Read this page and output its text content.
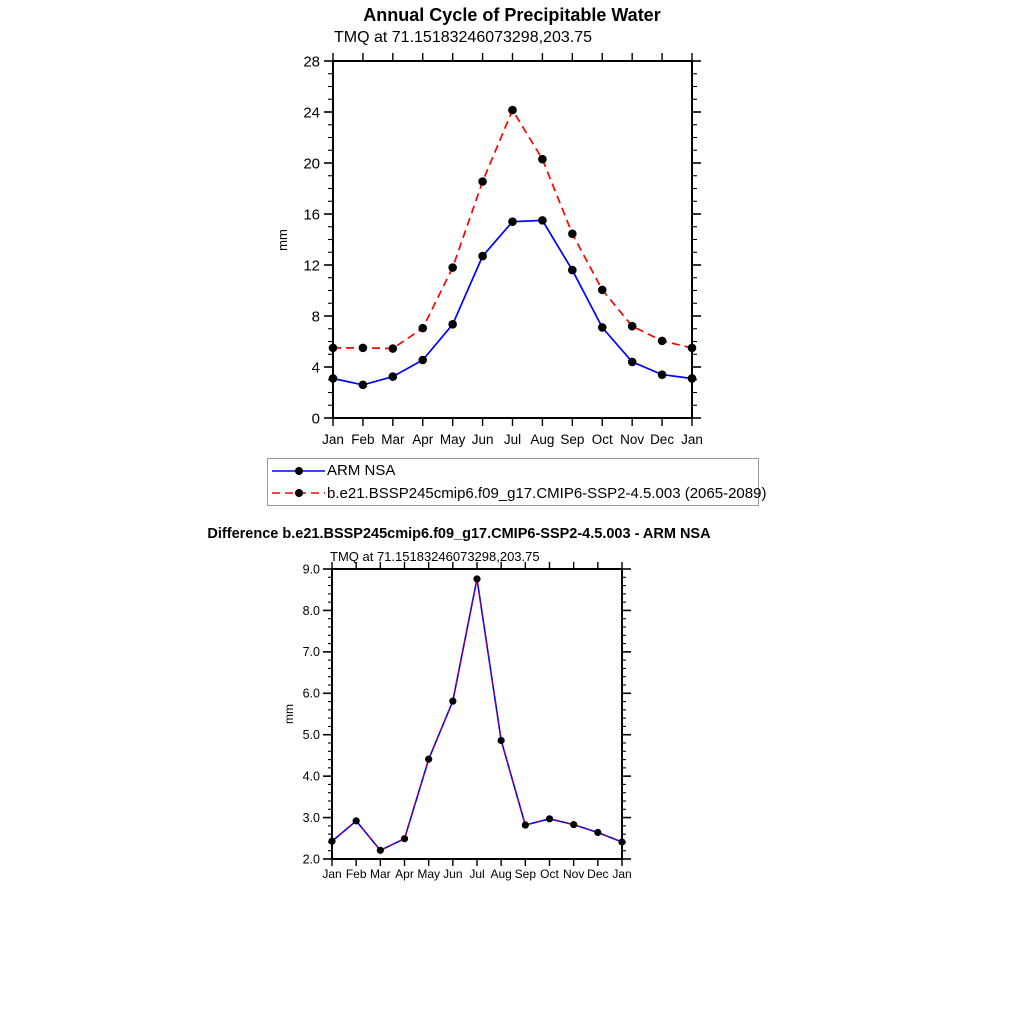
Jan Feb Mar Apr May Jun Jul Aug Sep Oct Nov Dec Jan
0
4
8
12
16
20
24
28
mm
Jan Feb Mar Apr May Jun Jul Aug Sep Oct Nov Dec Jan
2.0
3.0
4.0
5.0
6.0
7.0
8.0
9.0
mm
Annual Cycle of Precipitable Water
TMQ at 71.15183246073298,203.75
ARM NSA
b.e21.BSSP245cmip6.f09_g17.CMIP6-SSP2-4.5.003 (2065-2089)
Difference b.e21.BSSP245cmip6.f09_g17.CMIP6-SSP2-4.5.003 - ARM NSA
TMQ at 71.15183246073298,203.75
